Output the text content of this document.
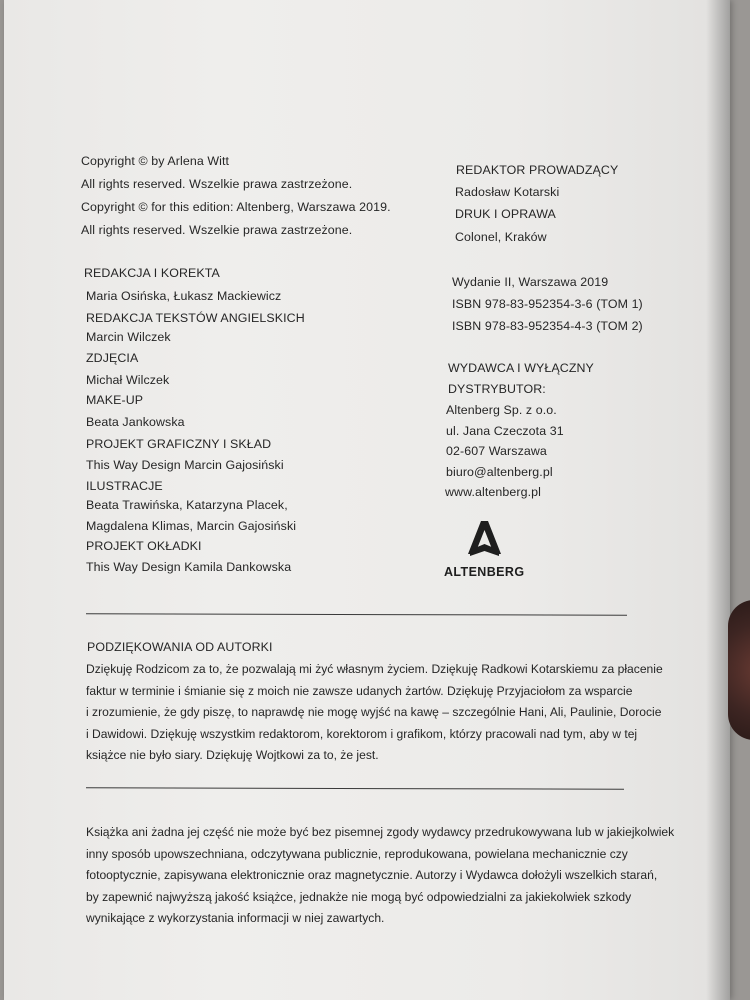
Copyright © by Arlena Witt
All rights reserved. Wszelkie prawa zastrzeżone.
Copyright © for this edition: Altenberg, Warszawa 2019.
All rights reserved. Wszelkie prawa zastrzeżone.
REDAKCJA I KOREKTA
Maria Osińska, Łukasz Mackiewicz
REDAKCJA TEKSTÓW ANGIELSKICH
Marcin Wilczek
ZDJĘCIA
Michał Wilczek
MAKE-UP
Beata Jankowska
PROJEKT GRAFICZNY I SKŁAD
This Way Design Marcin Gajosiński
ILUSTRACJE
Beata Trawińska, Katarzyna Placek,
Magdalena Klimas, Marcin Gajosiński
PROJEKT OKŁADKI
This Way Design Kamila Dankowska
REDAKTOR PROWADZĄCY
Radosław Kotarski
DRUK I OPRAWA
Colonel, Kraków
Wydanie II, Warszawa 2019
ISBN 978-83-952354-3-6 (TOM 1)
ISBN 978-83-952354-4-3 (TOM 2)
WYDAWCA I WYŁĄCZNY
DYSTRYBUTOR:
Altenberg Sp. z o.o.
ul. Jana Czeczota 31
02-607 Warszawa
biuro@altenberg.pl
www.altenberg.pl
ALTENBERG
PODZIĘKOWANIA OD AUTORKI
Dziękuję Rodzicom za to, że pozwalają mi żyć własnym życiem. Dziękuję Radkowi Kotarskiemu za płacenie
faktur w terminie i śmianie się z moich nie zawsze udanych żartów. Dziękuję Przyjaciołom za wsparcie
i zrozumienie, że gdy piszę, to naprawdę nie mogę wyjść na kawę – szczególnie Hani, Ali, Paulinie, Dorocie
i Dawidowi. Dziękuję wszystkim redaktorom, korektorom i grafikom, którzy pracowali nad tym, aby w tej
książce nie było siary. Dziękuję Wojtkowi za to, że jest.
Książka ani żadna jej część nie może być bez pisemnej zgody wydawcy przedrukowywana lub w jakiejkolwiek
inny sposób upowszechniana, odczytywana publicznie, reprodukowana, powielana mechanicznie czy
fotooptycznie, zapisywana elektronicznie oraz magnetycznie. Autorzy i Wydawca dołożyli wszelkich starań,
by zapewnić najwyższą jakość książce, jednakże nie mogą być odpowiedzialni za jakiekolwiek szkody
wynikające z wykorzystania informacji w niej zawartych.
